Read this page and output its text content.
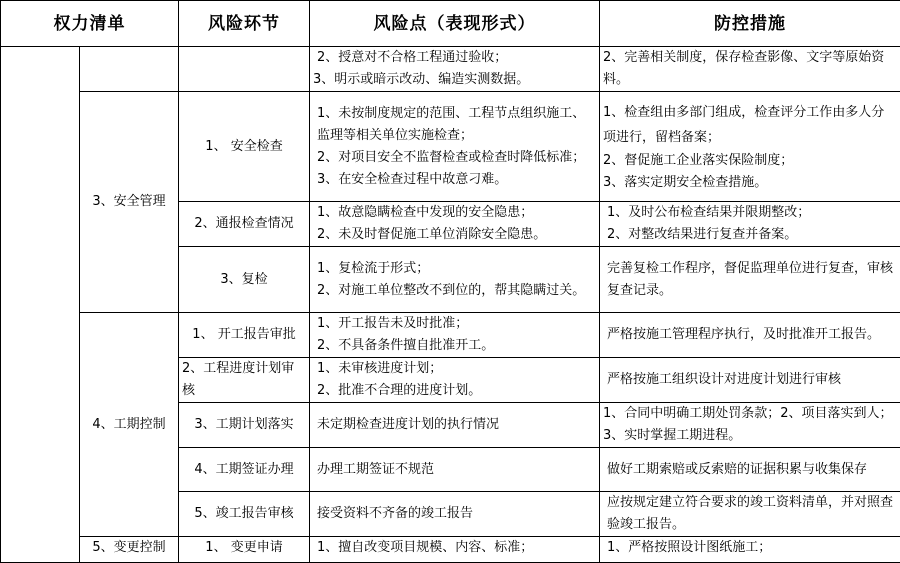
权力清单		风险环节	风险点（表现形式）	防控措施

			2、授意对不合格工程通过验收；
3、明示或暗示改动、编造实测数据。	2、完善相关制度，保存检查影像、文字等原始资料。

	3、安全管理	1、 安全检查	1、未按制度规定的范围、工程节点组织施工、监理等相关单位实施检查；
2、对项目安全不监督检查或检查时降低标准；
3、在安全检查过程中故意刁难。	1、检查组由多部门组成，检查评分工作由多人分项进行，留档备案；
2、督促施工企业落实保险制度；
3、落实定期安全检查措施。

		2、通报检查情况	1、故意隐瞒检查中发现的安全隐患；
2、未及时督促施工单位消除安全隐患。	1、及时公布检查结果并限期整改；
2、对整改结果进行复查并备案。

		3、复检	1、复检流于形式；
2、对施工单位整改不到位的，帮其隐瞒过关。	完善复检工作程序，督促监理单位进行复查，审核复查记录。

	4、工期控制	1、 开工报告审批	1、开工报告未及时批准；
2、不具备条件擅自批准开工。	严格按施工管理程序执行，及时批准开工报告。

		2、工程进度计划审核	1、未审核进度计划；
2、批准不合理的进度计划。	严格按施工组织设计对进度计划进行审核

		3、工期计划落实	未定期检查进度计划的执行情况	1、合同中明确工期处罚条款；2、项目落实到人；3、实时掌握工期进程。

		4、工期签证办理	办理工期签证不规范	做好工期索赔或反索赔的证据积累与收集保存

		5、竣工报告审核	接受资料不齐备的竣工报告	应按规定建立符合要求的竣工资料清单，并对照查验竣工报告。

	5、变更控制	1、 变更申请	1、擅自改变项目规模、内容、标准；	1、严格按照设计图纸施工；
